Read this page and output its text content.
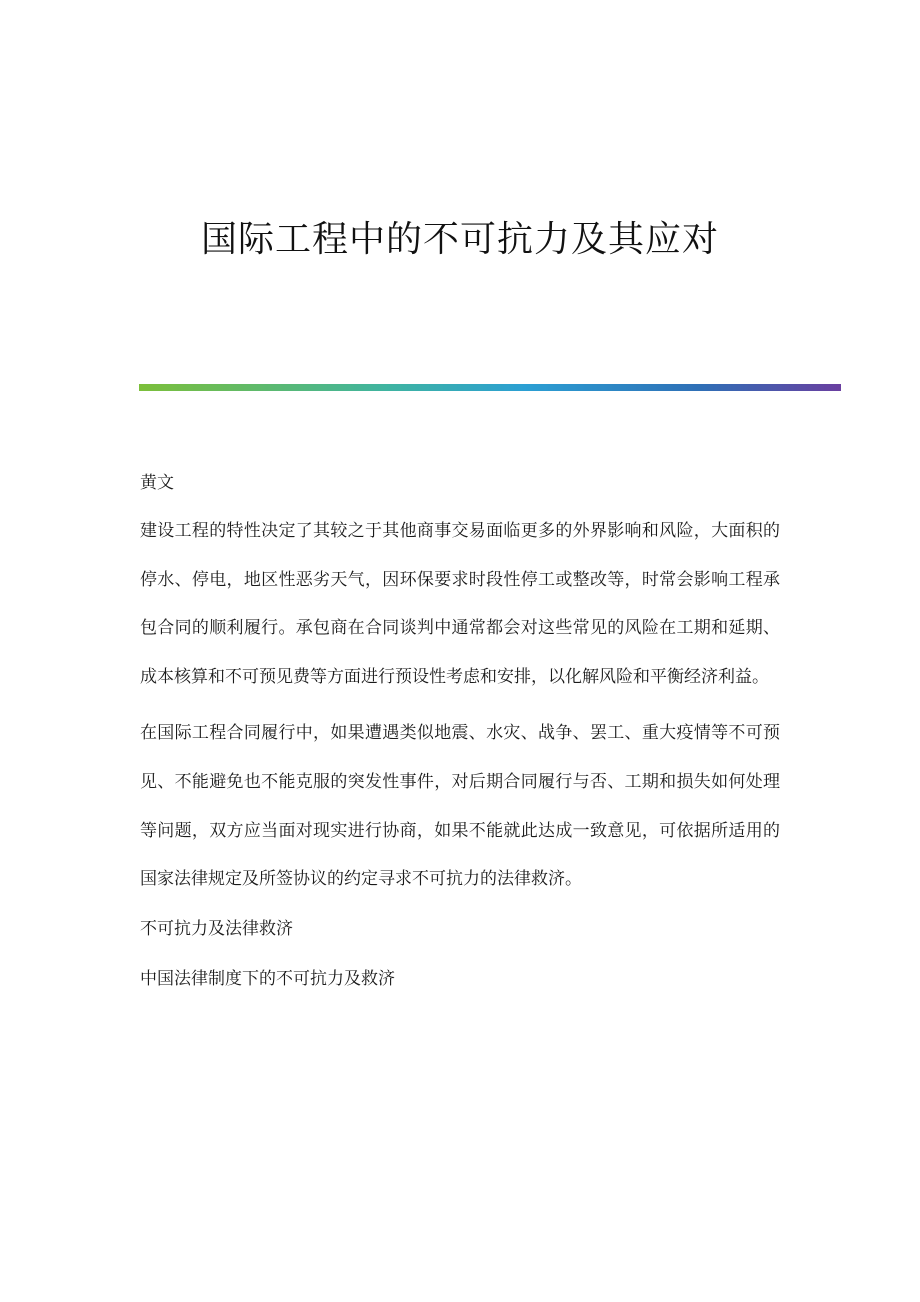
国际工程中的不可抗力及其应对

黄文

建设工程的特性决定了其较之于其他商事交易面临更多的外界影响和风险，大面积的停水、停电，地区性恶劣天气，因环保要求时段性停工或整改等，时常会影响工程承包合同的顺利履行。承包商在合同谈判中通常都会对这些常见的风险在工期和延期、成本核算和不可预见费等方面进行预设性考虑和安排，以化解风险和平衡经济利益。

在国际工程合同履行中，如果遭遇类似地震、水灾、战争、罢工、重大疫情等不可预见、不能避免也不能克服的突发性事件，对后期合同履行与否、工期和损失如何处理等问题，双方应当面对现实进行协商，如果不能就此达成一致意见，可依据所适用的国家法律规定及所签协议的约定寻求不可抗力的法律救济。

不可抗力及法律救济

中国法律制度下的不可抗力及救济
